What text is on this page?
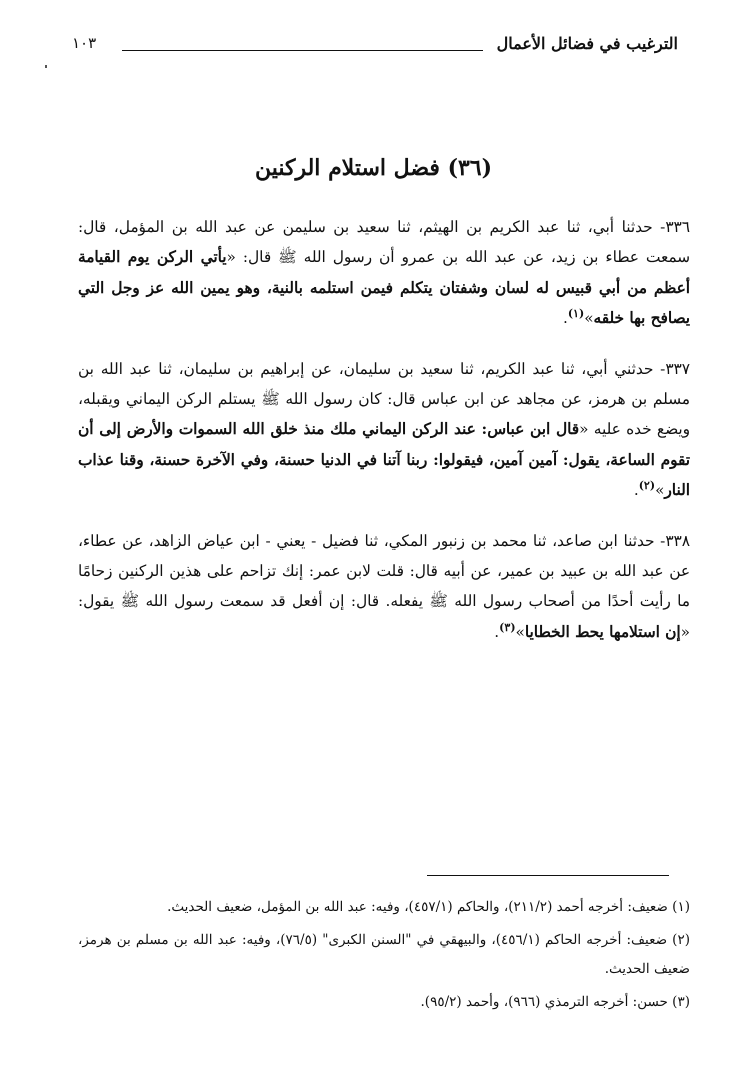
الترغيب في فضائل الأعمال
١٠٣
(٣٦) فضل استلام الركنين

٣٣٦- حدثنا أبي، ثنا عبد الكريم بن الهيثم، ثنا سعيد بن سليمن عن عبد الله بن المؤمل، قال: سمعت عطاء بن زيد، عن عبد الله بن عمرو أن رسول الله ﷺ قال: «يأتي الركن يوم القيامة أعظم من أبي قبيس له لسان وشفتان يتكلم فيمن استلمه بالنية، وهو يمين الله عز وجل التي يصافح بها خلقه»$^{(١)}$.

٣٣٧- حدثني أبي، ثنا عبد الكريم، ثنا سعيد بن سليمان، عن إبراهيم بن سليمان، ثنا عبد الله بن مسلم بن هرمز، عن مجاهد عن ابن عباس قال: كان رسول الله ﷺ يستلم الركن اليماني ويقبله، ويضع خده عليه «قال ابن عباس: عند الركن اليماني ملك منذ خلق الله السموات والأرض إلى أن تقوم الساعة، يقول: آمين آمين، فيقولوا: ربنا آتنا في الدنيا حسنة، وفي الآخرة حسنة، وقنا عذاب النار»$^{(٢)}$.

٣٣٨- حدثنا ابن صاعد، ثنا محمد بن زنبور المكي، ثنا فضيل - يعني - ابن عياض الزاهد، عن عطاء، عن عبد الله بن عبيد بن عمير، عن أبيه قال: قلت لابن عمر: إنك تزاحم على هذين الركنين زحامًا ما رأيت أحدًا من أصحاب رسول الله ﷺ يفعله. قال: إن أفعل قد سمعت رسول الله ﷺ يقول: «إن استلامها يحط الخطايا»$^{(٣)}$.

(١) ضعيف: أخرجه أحمد (٢١١/٢)، والحاكم (٤٥٧/١)، وفيه: عبد الله بن المؤمل، ضعيف الحديث.

(٢) ضعيف: أخرجه الحاكم (٤٥٦/١)، والبيهقي في "السنن الكبرى" (٧٦/٥)، وفيه: عبد الله بن مسلم بن هرمز، ضعيف الحديث.

(٣) حسن: أخرجه الترمذي (٩٦٦)، وأحمد (٩٥/٢).
